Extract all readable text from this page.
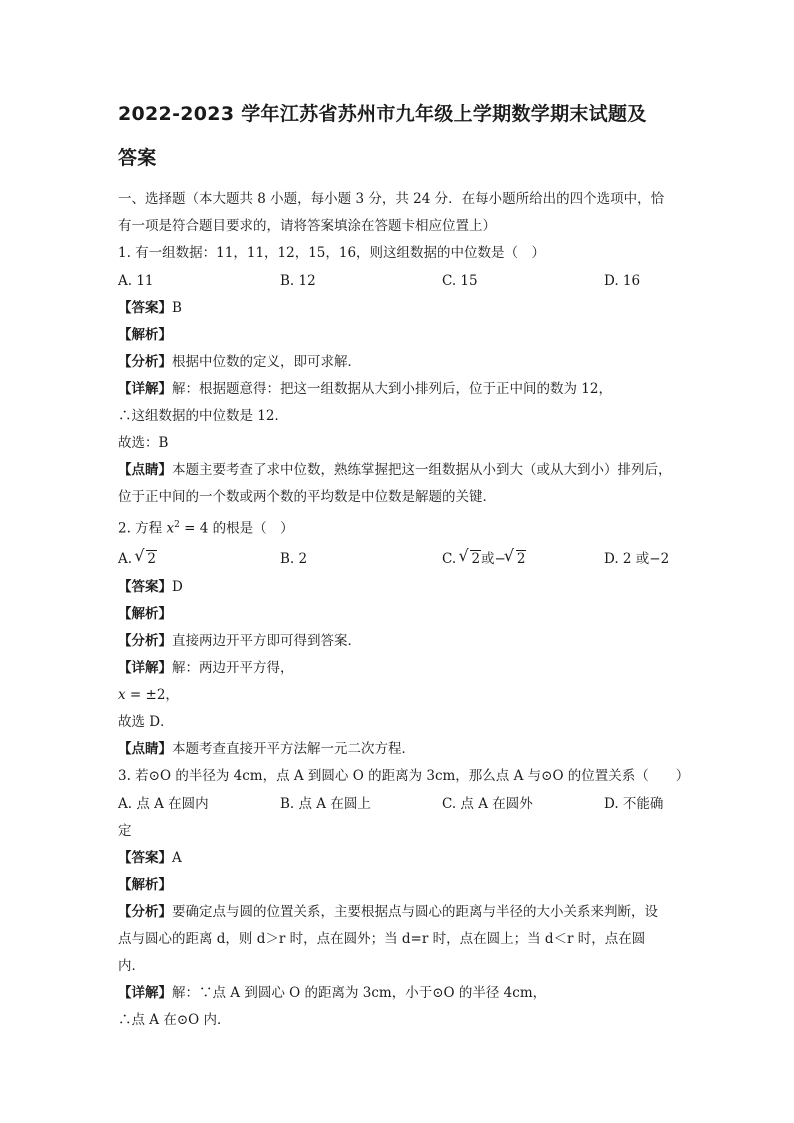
2022-2023 学年江苏省苏州市九年级上学期数学期末试题及
答案
一、选择题（本大题共 8 小题，每小题 3 分，共 24 分．在每小题所给出的四个选项中，恰
有一项是符合题目要求的，请将答案填涂在答题卡相应位置上）
1. 有一组数据：11，11，12，15，16，则这组数据的中位数是（　）
A. 11	B. 12	C. 15	D. 16
【答案】B
【解析】
【分析】根据中位数的定义，即可求解．
【详解】解：根据题意得：把这一组数据从大到小排列后，位于正中间的数为 12，
∴这组数据的中位数是 12．
故选：B
【点睛】本题主要考查了求中位数，熟练掌握把这一组数据从小到大（或从大到小）排列后，
位于正中间的一个数或两个数的平均数是中位数是解题的关键．
2. 方程 $x^2 = 4$ 的根是（　）
A. √ 2	B. 2	C. √ 2或− √ 2	D. 2 或−2
【答案】D
【解析】
【分析】直接两边开平方即可得到答案．
【详解】解：两边开平方得，
x = ±2，
故选 D．
【点睛】本题考查直接开平方法解一元二次方程．
3. 若⊙O 的半径为 4cm，点 A 到圆心 O 的距离为 3cm，那么点 A 与⊙O 的位置关系（　　）
A. 点 A 在圆内	B. 点 A 在圆上	C. 点 A 在圆外	D. 不能确
定
【答案】A
【解析】
【分析】要确定点与圆的位置关系，主要根据点与圆心的距离与半径的大小关系来判断，设
点与圆心的距离 d，则 d＞r 时，点在圆外；当 d=r 时，点在圆上；当 d＜r 时，点在圆
内．
【详解】解：∵点 A 到圆心 O 的距离为 3cm，小于⊙O 的半径 4cm，
∴点 A 在⊙O 内．
